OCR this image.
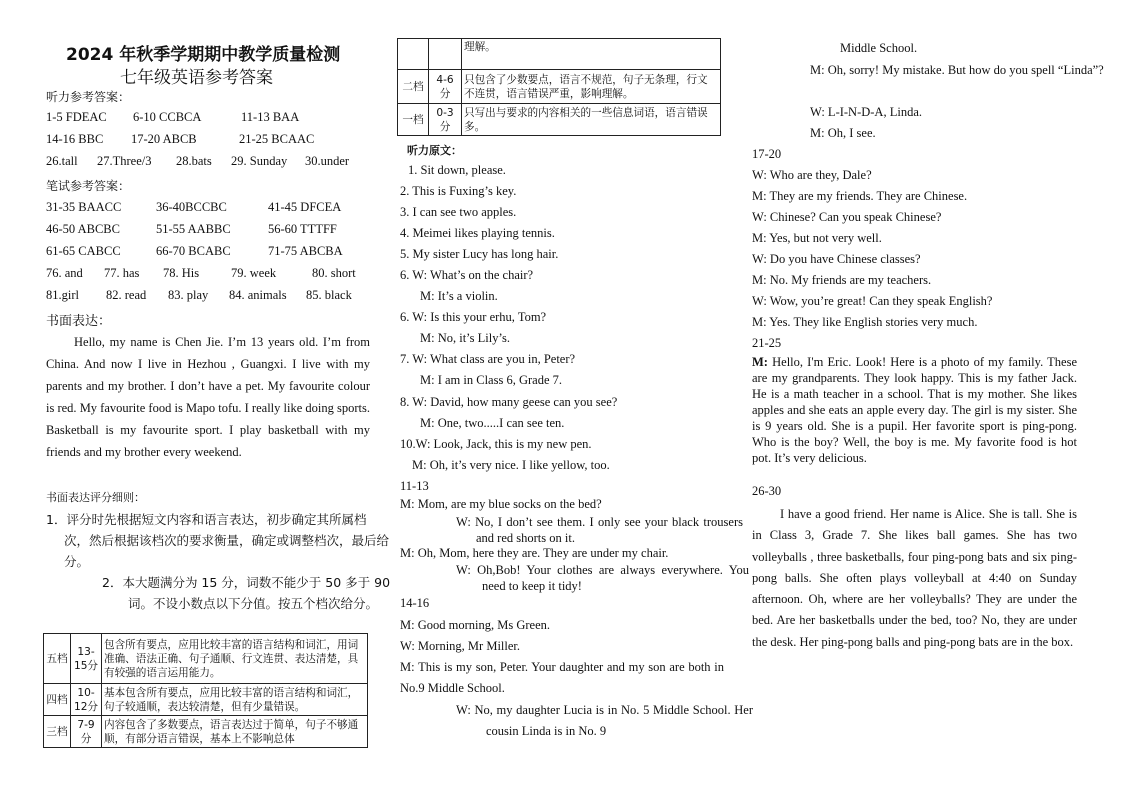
2024 年秋季学期期中教学质量检测
七年级英语参考答案
听力参考答案：
1-5 FDEAC 6-10 CCBCA	11-13 BAA
14-16 BBC 17-20 ABCB	21-25 BCAAC
26.tall 27.Three/3 28.bats 29. Sunday 30.under
笔试参考答案：
31-35 BAACC	36-40BCCBC	41-45 DFCEA
46-50 ABCBC	51-55 AABBC	56-60 TTTFF
61-65 CABCC	66-70 BCABC	71-75 ABCBA
76. and 77. has 78. His	79. week	80. short
81.girl 82. read 83. play 84. animals 85. black
书面表达：
Hello, my name is Chen Jie. I’m 13 years old. I’m from China. And now I live in Hezhou , Guangxi. I live with my parents and my brother. I don’t have a pet. My favourite colour is red. My favourite food is Mapo tofu. I really like doing sports. Basketball is my favourite sport. I play basketball with my friends and my brother every weekend.
书面表达评分细则：
1．评分时先根据短文内容和语言表达，初步确定其所属档次，然后根据该档次的要求衡量，确定或调整档次，最后给分。
2．本大题满分为 15 分，词数不能少于 50 多于 90 词。不设小数点以下分值。按五个档次给分。
五档	13-15分	包含所有要点，应用比较丰富的语言结构和词汇，用词准确、语法正确、句子通顺、行文连贯、表达清楚，具有较强的语言运用能力。
四档	10-12分	基本包含所有要点，应用比较丰富的语言结构和词汇，句子较通顺，表达较清楚，但有少量错误。
三档	7-9 分	内容包含了多数要点，语言表达过于简单，句子不够通顺，有部分语言错误，基本上不影响总体
		理解。
二档	4-6 分	只包含了少数要点，语言不规范，句子无条理，行文不连贯，语言错误严重，影响理解。
一档	0-3 分	只写出与要求的内容相关的一些信息词语，语言错误多。
听力原文：
1. Sit down, please.
2. This is Fuxing’s key.
3. I can see two apples.
4. Meimei likes playing tennis.
5. My sister Lucy has long hair.
6. W: What’s on the chair?
M: It’s a violin.
6. W: Is this your erhu, Tom?
M: No, it’s Lily’s.
7. W: What class are you in, Peter?
M: I am in Class 6, Grade 7.
8. W: David, how many geese can you see?
M: One, two.....I can see ten.
10.W: Look, Jack, this is my new pen.
M: Oh, it’s very nice. I like yellow, too.
11-13
M: Mom, are my blue socks on the bed?
W: No, I don’t see them. I only see your black trousers and red shorts on it.
M: Oh, Mom, here they are. They are under my chair.
W: Oh,Bob! Your clothes are always everywhere. You need to keep it tidy!
14-16
M: Good morning, Ms Green.
W: Morning, Mr Miller.
M: This is my son, Peter. Your daughter and my son are both in No.9 Middle School.
W: No, my daughter Lucia is in No. 5 Middle School. Her cousin Linda is in No. 9
Middle School.
M: Oh, sorry! My mistake. But how do you spell “Linda”?
W: L-I-N-D-A, Linda.
M: Oh, I see.
17-20
W: Who are they, Dale?
M: They are my friends. They are Chinese.
W: Chinese? Can you speak Chinese?
M: Yes, but not very well.
W: Do you have Chinese classes?
M: No. My friends are my teachers.
W: Wow, you’re great! Can they speak English?
M: Yes. They like English stories very much.
21-25
M: Hello, I'm Eric. Look! Here is a photo of my family. These are my grandparents. They look happy. This is my father Jack. He is a math teacher in a school. That is my mother. She likes apples and she eats an apple every day. The girl is my sister. She is 9 years old. She is a pupil. Her favorite sport is ping-pong. Who is the boy? Well, the boy is me. My favorite food is hot pot. It’s very delicious.
26-30
I have a good friend. Her name is Alice. She is tall. She is in Class 3, Grade 7. She likes ball games. She has two volleyballs , three basketballs, four ping-pong bats and six ping-pong balls. She often plays volleyball at 4:40 on Sunday afternoon. Oh, where are her volleyballs? They are under the bed. Are her basketballs under the bed, too? No, they are under the desk. Her ping-pong balls and ping-pong bats are in the box.
